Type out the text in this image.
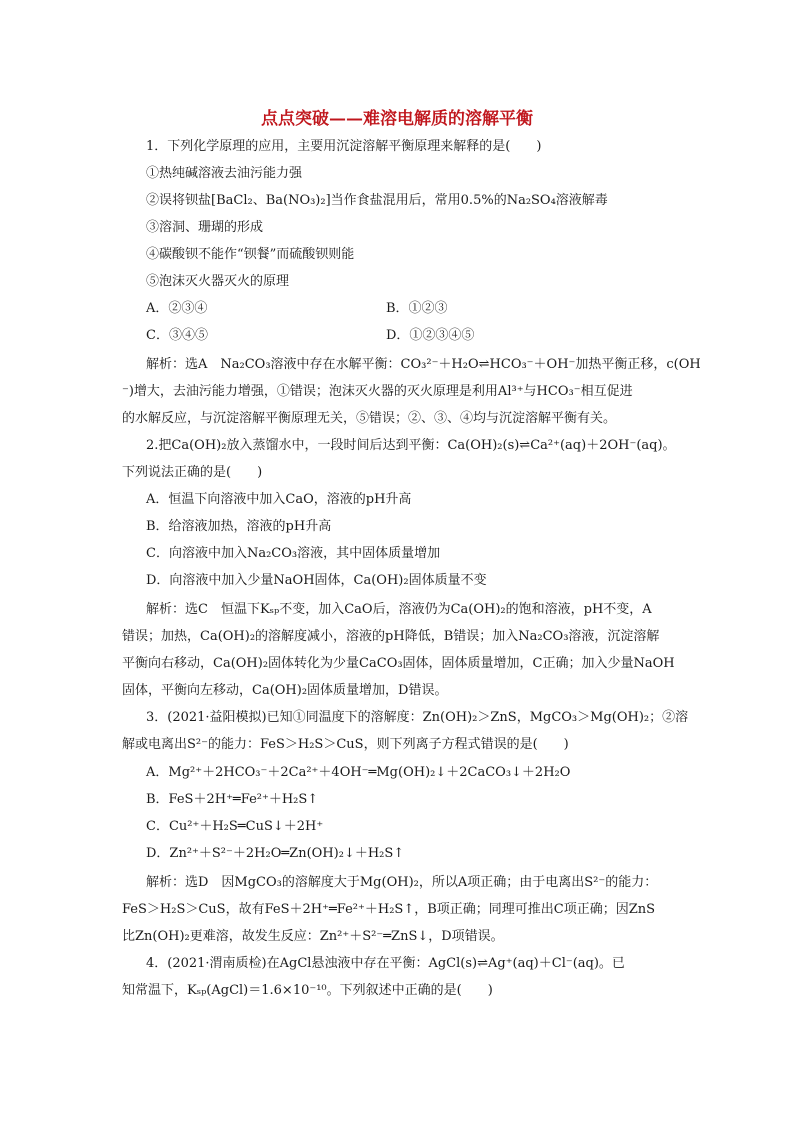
点点突破——难溶电解质的溶解平衡
1．下列化学原理的应用，主要用沉淀溶解平衡原理来解释的是(　　)
①热纯碱溶液去油污能力强
②误将钡盐[BaCl₂、Ba(NO₃)₂]当作食盐混用后，常用0.5%的Na₂SO₄溶液解毒
③溶洞、珊瑚的形成
④碳酸钡不能作“钡餐”而硫酸钡则能
⑤泡沫灭火器灭火的原理
A．②③④	B．①②③
C．③④⑤	D．①②③④⑤
解析：选A　Na₂CO₃溶液中存在水解平衡：CO₃²⁻＋H₂O⇌HCO₃⁻＋OH⁻加热平衡正移，c(OH
⁻)增大，去油污能力增强，①错误；泡沫灭火器的灭火原理是利用Al³⁺与HCO₃⁻相互促进
的水解反应，与沉淀溶解平衡原理无关，⑤错误；②、③、④均与沉淀溶解平衡有关。
2.把Ca(OH)₂放入蒸馏水中，一段时间后达到平衡：Ca(OH)₂(s)⇌Ca²⁺(aq)＋2OH⁻(aq)。
下列说法正确的是(　　)
A．恒温下向溶液中加入CaO，溶液的pH升高
B．给溶液加热，溶液的pH升高
C．向溶液中加入Na₂CO₃溶液，其中固体质量增加
D．向溶液中加入少量NaOH固体，Ca(OH)₂固体质量不变
解析：选C　恒温下Kₛₚ不变，加入CaO后，溶液仍为Ca(OH)₂的饱和溶液，pH不变，A
错误；加热，Ca(OH)₂的溶解度减小，溶液的pH降低，B错误；加入Na₂CO₃溶液，沉淀溶解
平衡向右移动，Ca(OH)₂固体转化为少量CaCO₃固体，固体质量增加，C正确；加入少量NaOH
固体，平衡向左移动，Ca(OH)₂固体质量增加，D错误。
3．(2021·益阳模拟)已知①同温度下的溶解度：Zn(OH)₂＞ZnS，MgCO₃＞Mg(OH)₂；②溶
解或电离出S²⁻的能力：FeS＞H₂S＞CuS，则下列离子方程式错误的是(　　)
A．Mg²⁺＋2HCO₃⁻＋2Ca²⁺＋4OH⁻═Mg(OH)₂↓＋2CaCO₃↓＋2H₂O
B．FeS＋2H⁺═Fe²⁺＋H₂S↑
C．Cu²⁺＋H₂S═CuS↓＋2H⁺
D．Zn²⁺＋S²⁻＋2H₂O═Zn(OH)₂↓＋H₂S↑
解析：选D　因MgCO₃的溶解度大于Mg(OH)₂，所以A项正确；由于电离出S²⁻的能力：
FeS＞H₂S＞CuS，故有FeS＋2H⁺═Fe²⁺＋H₂S↑，B项正确；同理可推出C项正确；因ZnS
比Zn(OH)₂更难溶，故发生反应：Zn²⁺＋S²⁻═ZnS↓，D项错误。
4．(2021·渭南质检)在AgCl悬浊液中存在平衡：AgCl(s)⇌Ag⁺(aq)＋Cl⁻(aq)。已
知常温下，Kₛₚ(AgCl)＝1.6×10⁻¹⁰。下列叙述中正确的是(　　)
